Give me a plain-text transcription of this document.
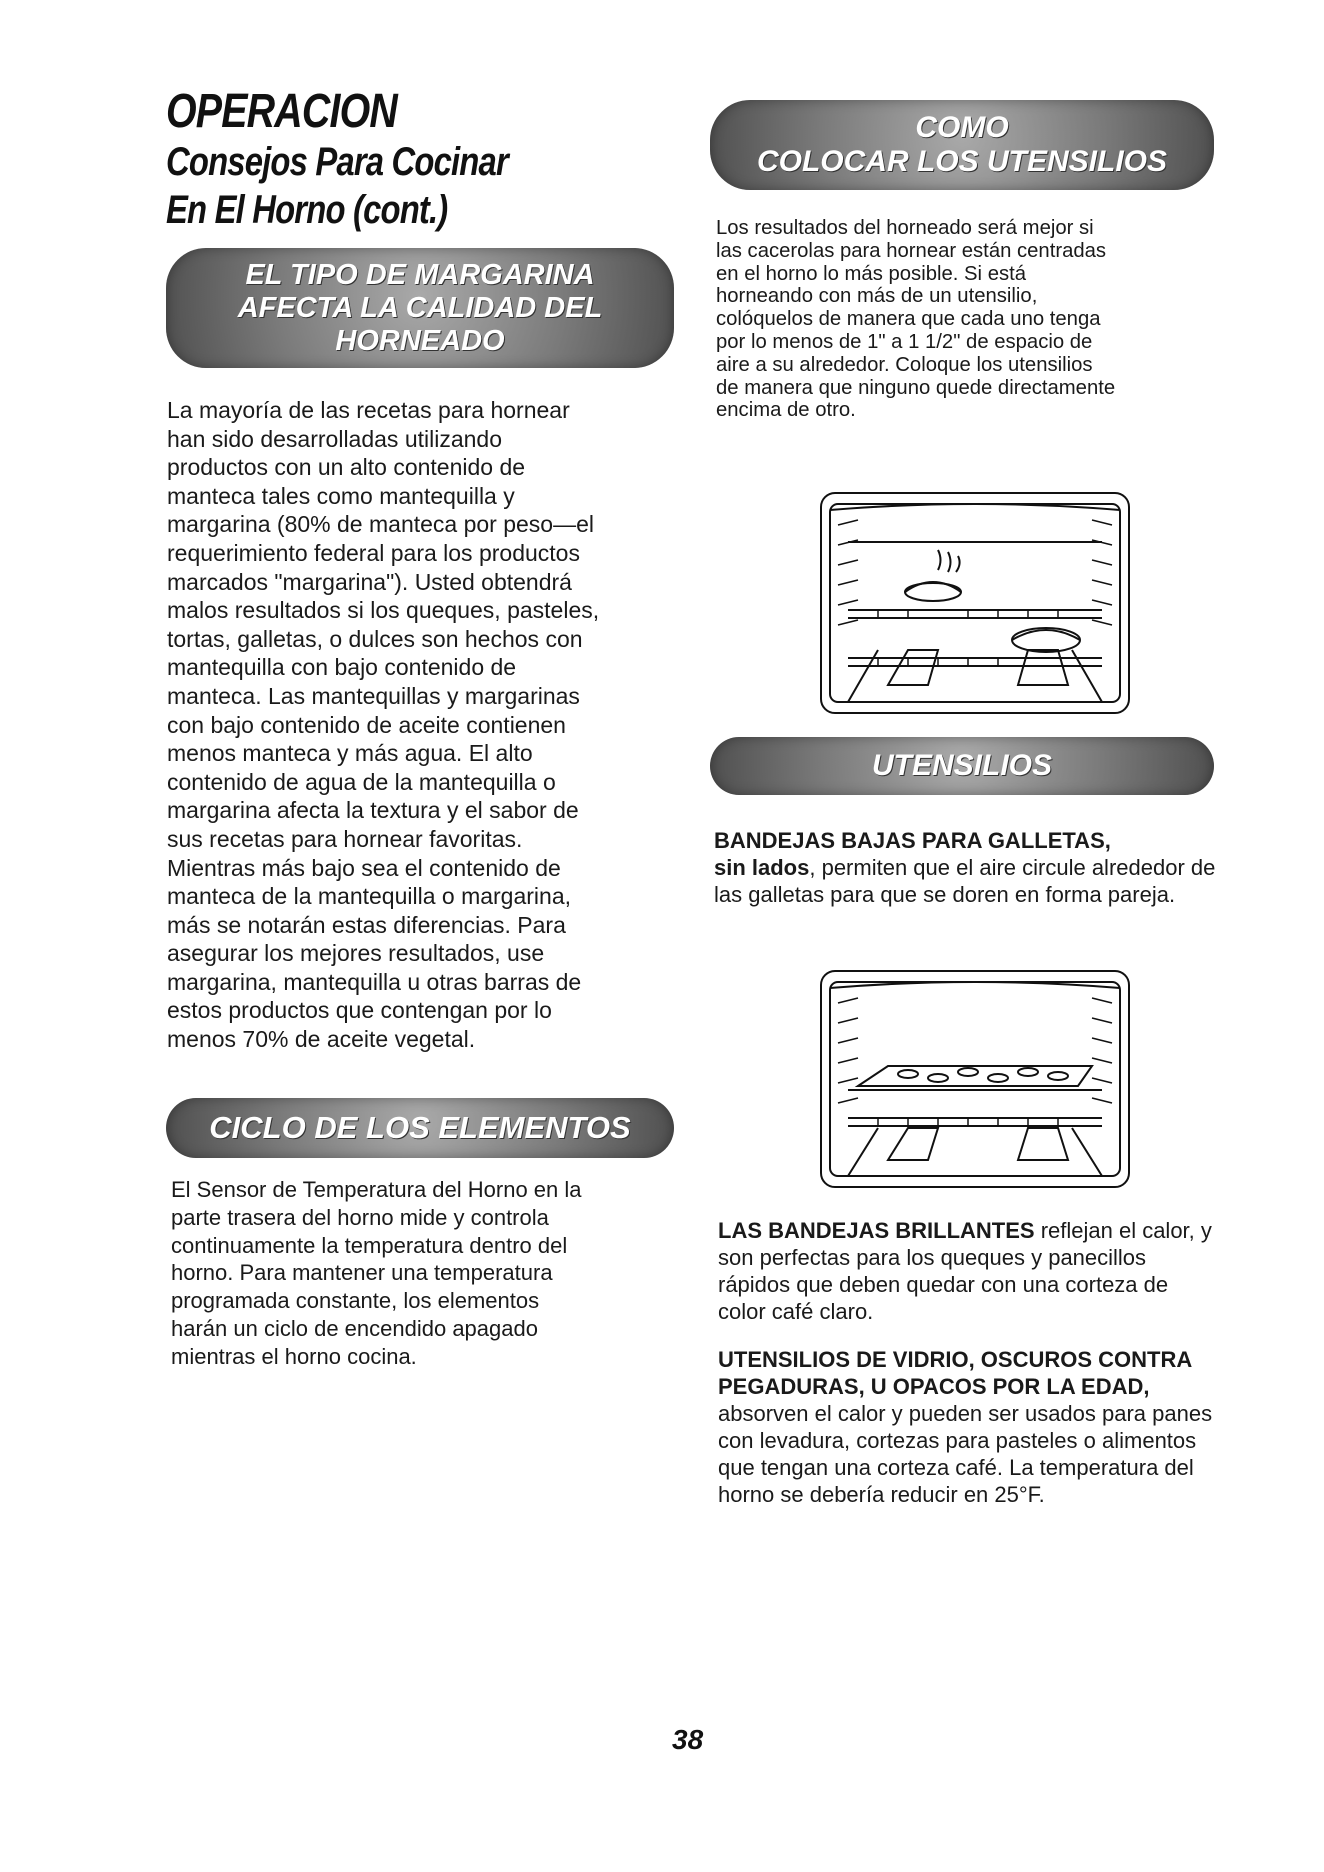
OPERACION
Consejos Para Cocinar
En El Horno (cont.)
EL TIPO DE MARGARINA
AFECTA LA CALIDAD DEL
HORNEADO
La mayoría de las recetas para hornear
han sido desarrolladas utilizando
productos con un alto contenido de
manteca tales como mantequilla y
margarina (80% de manteca por peso—el
requerimiento federal para los productos
marcados "margarina"). Usted obtendrá
malos resultados si los queques, pasteles,
tortas, galletas, o dulces son hechos con
mantequilla con bajo contenido de
manteca. Las mantequillas y margarinas
con bajo contenido de aceite contienen
menos manteca y más agua. El alto
contenido de agua de la mantequilla o
margarina afecta la textura y el sabor de
sus recetas para hornear favoritas.
Mientras más bajo sea el contenido de
manteca de la mantequilla o margarina,
más se notarán estas diferencias. Para
asegurar los mejores resultados, use
margarina, mantequilla u otras barras de
estos productos que contengan por lo
menos 70% de aceite vegetal.
CICLO DE LOS ELEMENTOS
El Sensor de Temperatura del Horno en la
parte trasera del horno mide y controla
continuamente la temperatura dentro del
horno. Para mantener una temperatura
programada constante, los elementos
harán un ciclo de encendido apagado
mientras el horno cocina.
COMO
COLOCAR LOS UTENSILIOS
Los resultados del horneado será mejor si
las cacerolas para hornear están centradas
en el horno lo más posible. Si está
horneando con más de un utensilio,
colóquelos de manera que cada uno tenga
por lo menos de 1" a 1 1/2" de espacio de
aire a su alrededor. Coloque los utensilios
de manera que ninguno quede directamente
encima de otro.
UTENSILIOS
BANDEJAS BAJAS PARA GALLETAS,
sin lados, permiten que el aire circule alrededor de las galletas para que se doren en forma pareja.
LAS BANDEJAS BRILLANTES reflejan el calor, y son perfectas para los queques y panecillos rápidos que deben quedar con una corteza de color café claro.
UTENSILIOS DE VIDRIO, OSCUROS CONTRA PEGADURAS, U OPACOS POR LA EDAD, absorven el calor y pueden ser usados para panes con levadura, cortezas para pasteles o alimentos que tengan una corteza café. La temperatura del horno se debería reducir en 25°F.
38
